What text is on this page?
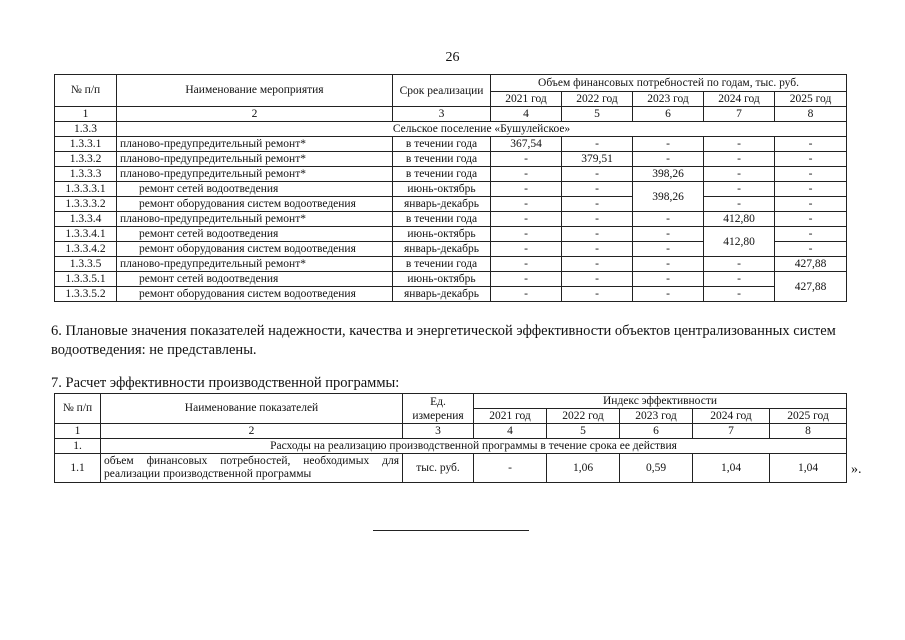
26
№ п/п	Наименование мероприятия	Срок реализации	Объем финансовых потребностей по годам, тыс. руб.				
			2021 год	2022 год	2023 год	2024 год	2025 год
1	2	3	4	5	6	7	8
1.3.3	Сельское поселение «Бушулейское»						
1.3.3.1	планово-предупредительный ремонт*	в течении года	367,54	-	-	-	-
1.3.3.2	планово-предупредительный ремонт*	в течении года	-	379,51	-	-	-
1.3.3.3	планово-предупредительный ремонт*	в течении года	-	-	398,26	-	-
1.3.3.3.1	ремонт сетей водоотведения	июнь-октябрь	-	-	398,26	-	-
1.3.3.3.2	ремонт оборудования систем водоотведения	январь-декабрь	-	-		-	-
1.3.3.4	планово-предупредительный ремонт*	в течении года	-	-	-	412,80	-
1.3.3.4.1	ремонт сетей водоотведения	июнь-октябрь	-	-	-	412,80	-
1.3.3.4.2	ремонт оборудования систем водоотведения	январь-декабрь	-	-	-		-
1.3.3.5	планово-предупредительный ремонт*	в течении года	-	-	-	-	427,88
1.3.3.5.1	ремонт сетей водоотведения	июнь-октябрь	-	-	-	-	427,88
1.3.3.5.2	ремонт оборудования систем водоотведения	январь-декабрь	-	-	-	-	
6. Плановые значения показателей надежности, качества и энергетической эффективности объектов централизованных систем водоотведения: не представлены.
7. Расчет эффективности производственной программы:
№ п/п	Наименование показателей	Ед. измерения	Индекс эффективности				
			2021 год	2022 год	2023 год	2024 год	2025 год
1	2	3	4	5	6	7	8
1.	Расходы на реализацию производственной программы в течение срока ее действия						
1.1	объем финансовых потребностей, необходимых для реализации производственной программы	тыс. руб.	-	1,06	0,59	1,04	1,04 ».
